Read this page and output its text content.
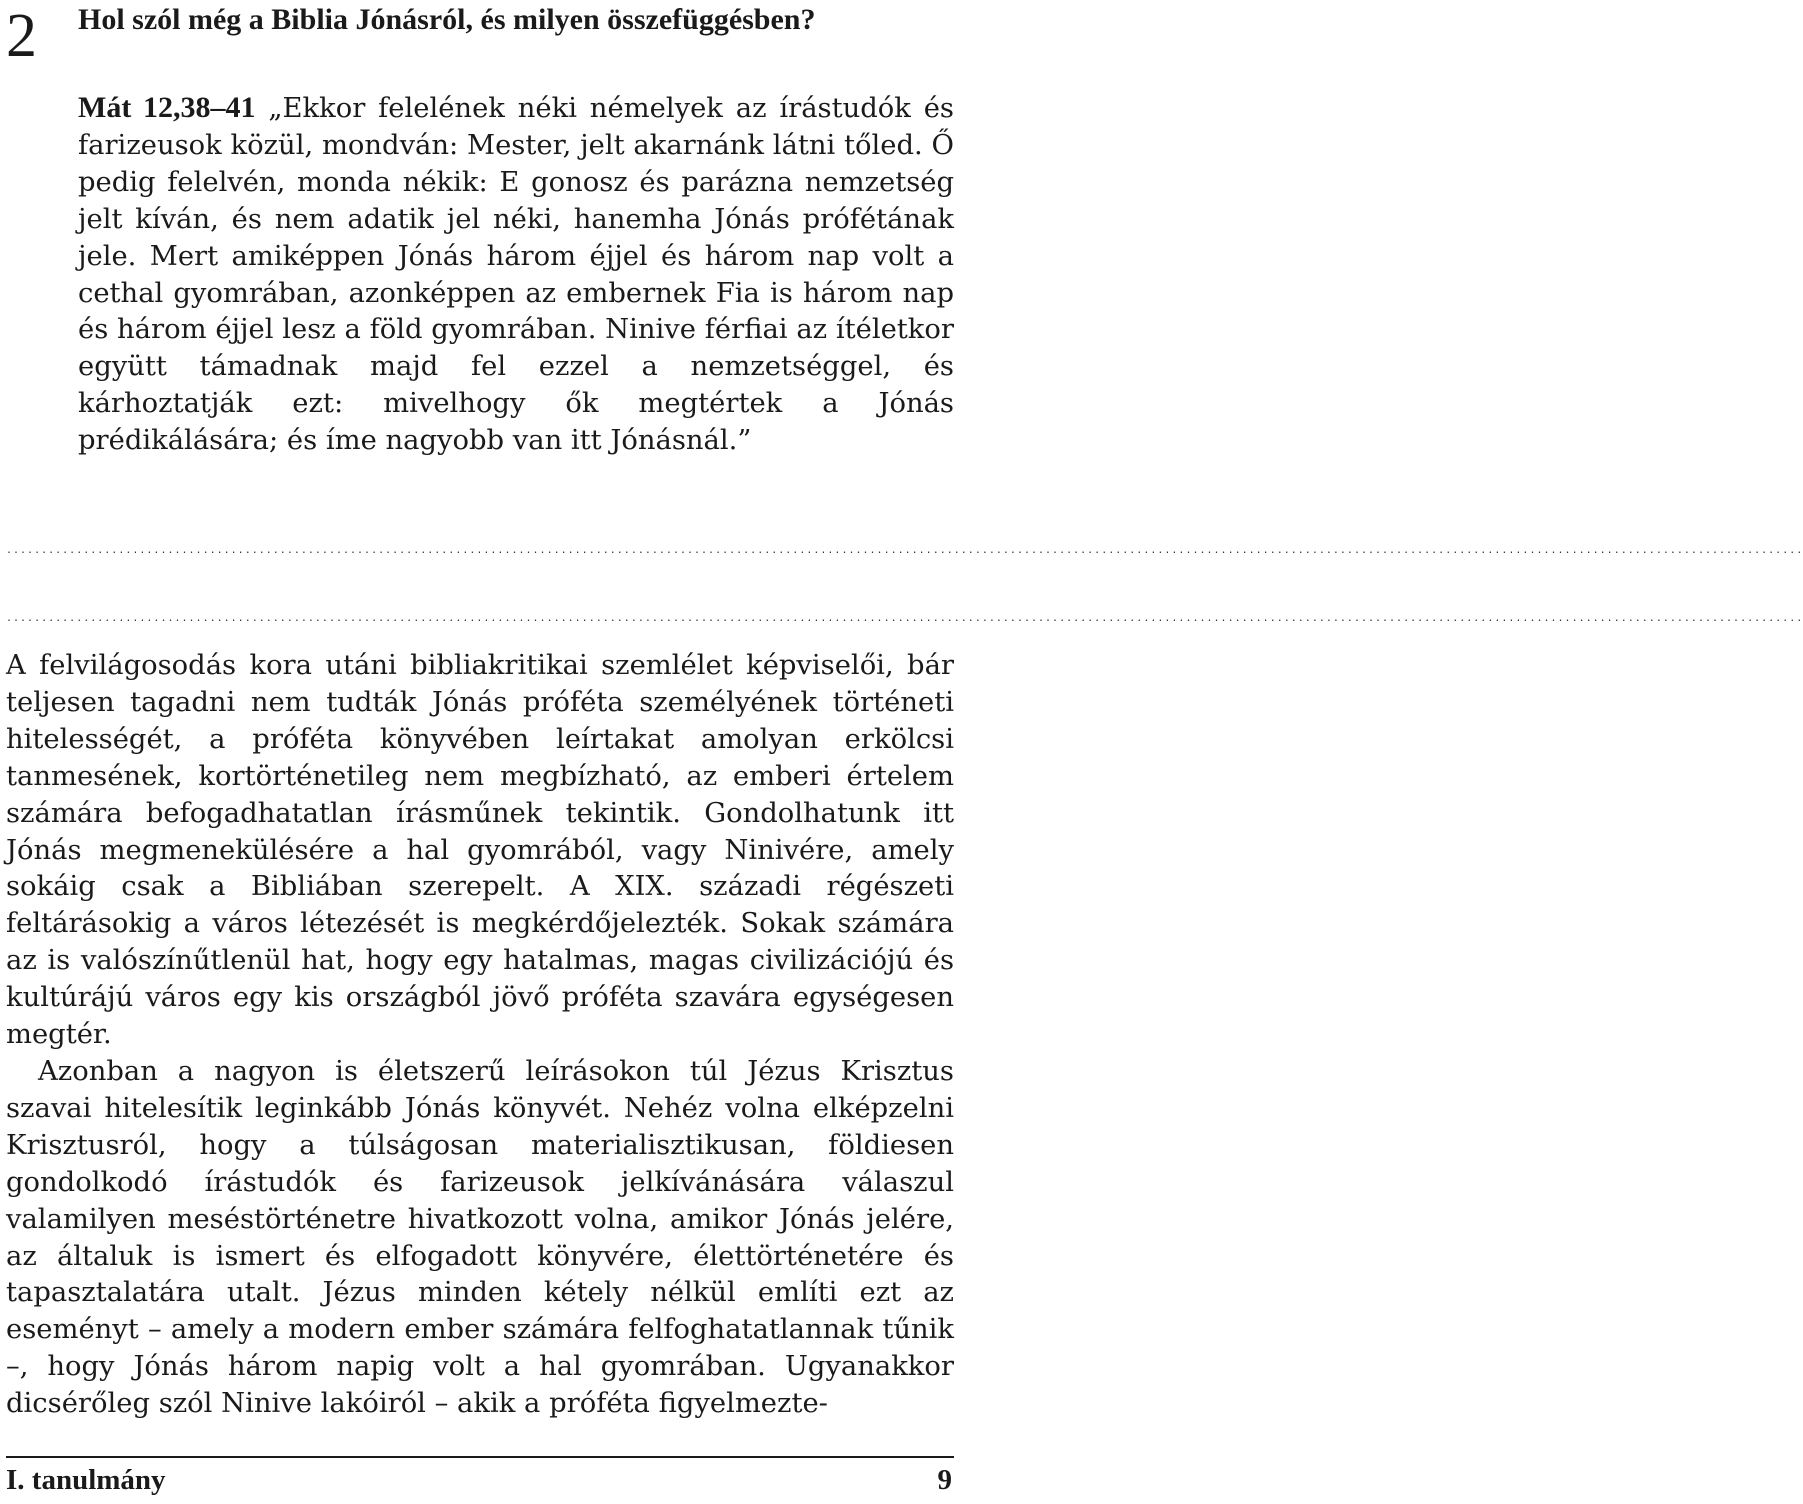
2 Hol szól még a Biblia Jónásról, és milyen összefüggésben?

Mát 12,38–41 „Ekkor felelének néki némelyek az írástudók és farizeusok közül, mondván: Mester, jelt akarnánk látni tőled. Ő pedig felelvén, monda nékik: E gonosz és parázna nemzetség jelt kíván, és nem adatik jel néki, hanemha Jónás prófétának jele. Mert amiképpen Jónás három éjjel és három nap volt a cethal gyomrában, azonképpen az embernek Fia is három nap és három éjjel lesz a föld gyomrában. Ninive férfiai az ítéletkor együtt támadnak majd fel ezzel a nemzetséggel, és kárhoztatják ezt: mivelhogy ők megtértek a Jónás prédikálására; és íme nagyobb van itt Jónásnál.”

................................................................................................................................................................................................................................................................
................................................................................................................................................................................................................................................................

A felvilágosodás kora utáni bibliakritikai szemlélet képviselői, bár teljesen tagadni nem tudták Jónás próféta személyének történeti hitelességét, a próféta könyvében leírtakat amolyan erkölcsi tanmesének, kortörténetileg nem megbízható, az emberi értelem számára befogadhatatlan írásműnek tekintik. Gondolhatunk itt Jónás megmenekülésére a hal gyomrából, vagy Ninivére, amely sokáig csak a Bibliában szerepelt. A XIX. századi régészeti feltárásokig a város létezését is megkérdőjelezték. Sokak számára az is valószínűtlenül hat, hogy egy hatalmas, magas civilizációjú és kultúrájú város egy kis országból jövő próféta szavára egységesen megtér.

Azonban a nagyon is életszerű leírásokon túl Jézus Krisztus szavai hitelesítik leginkább Jónás könyvét. Nehéz volna elképzelni Krisztusról, hogy a túlságosan materialisztikusan, földiesen gondolkodó írástudók és farizeusok jelkívánására válaszul valamilyen meséstörténetre hivatkozott volna, amikor Jónás jelére, az általuk is ismert és elfogadott könyvére, élettörténetére és tapasztalatára utalt. Jézus minden kétely nélkül említi ezt az eseményt – amely a modern ember számára felfoghatatlannak tűnik –, hogy Jónás három napig volt a hal gyomrában. Ugyanakkor dicsérőleg szól Ninive lakóiról – akik a próféta figyelmezte-

I. tanulmány	9
